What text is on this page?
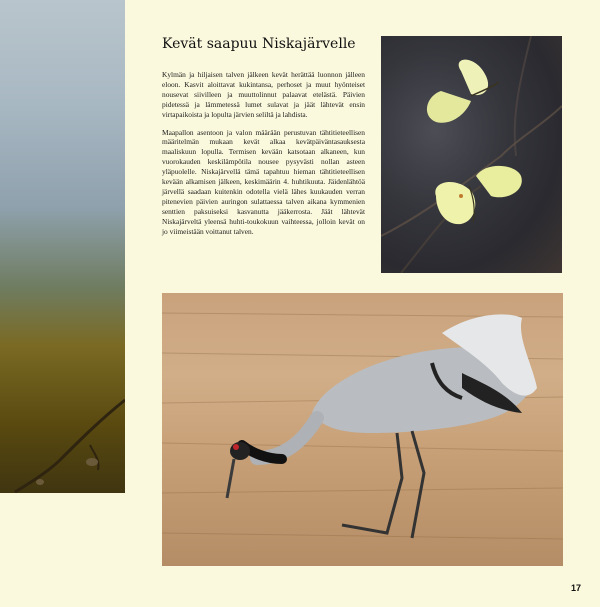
Kevät saapuu Niskajärvelle

Kylmän ja hiljaisen talven jälkeen kevät herättää luonnon jälleen eloon. Kasvit aloittavat kukintansa, perhoset ja muut hyönteiset nousevat siivilleen ja muuttolinnut palaavat etelästä. Päivien pidetessä ja lämmetessä lumet sulavat ja jäät lähtevät ensin virtapaikoista ja lopulta järvien seliltä ja lahdista.

Maapallon asentoon ja valon määrään perustuvan tähtitieteellisen määritelmän mukaan kevät alkaa kevätpäiväntasauksesta maaliskuun lopulla. Termisen kevään katsotaan alkaneen, kun vuorokauden keskilämpötila nousee pysyvästi nollan asteen yläpuolelle. Niskajärvellä tämä tapahtuu hieman tähtitieteellisen kevään alkamisen jälkeen, keskimäärin 4. huhtikuuta. Jäidenlähtöä järvellä saadaan kuitenkin odotella vielä lähes kuukauden verran pitenevien päivien auringon sulattaessa talven aikana kymmenien senttien paksuiseksi kasvanutta jääkerrosta. Jäät lähtevät Niskajärveltä yleensä huhti-toukokuun vaihteessa, jolloin kevät on jo viimeistään voittanut talven.

17
